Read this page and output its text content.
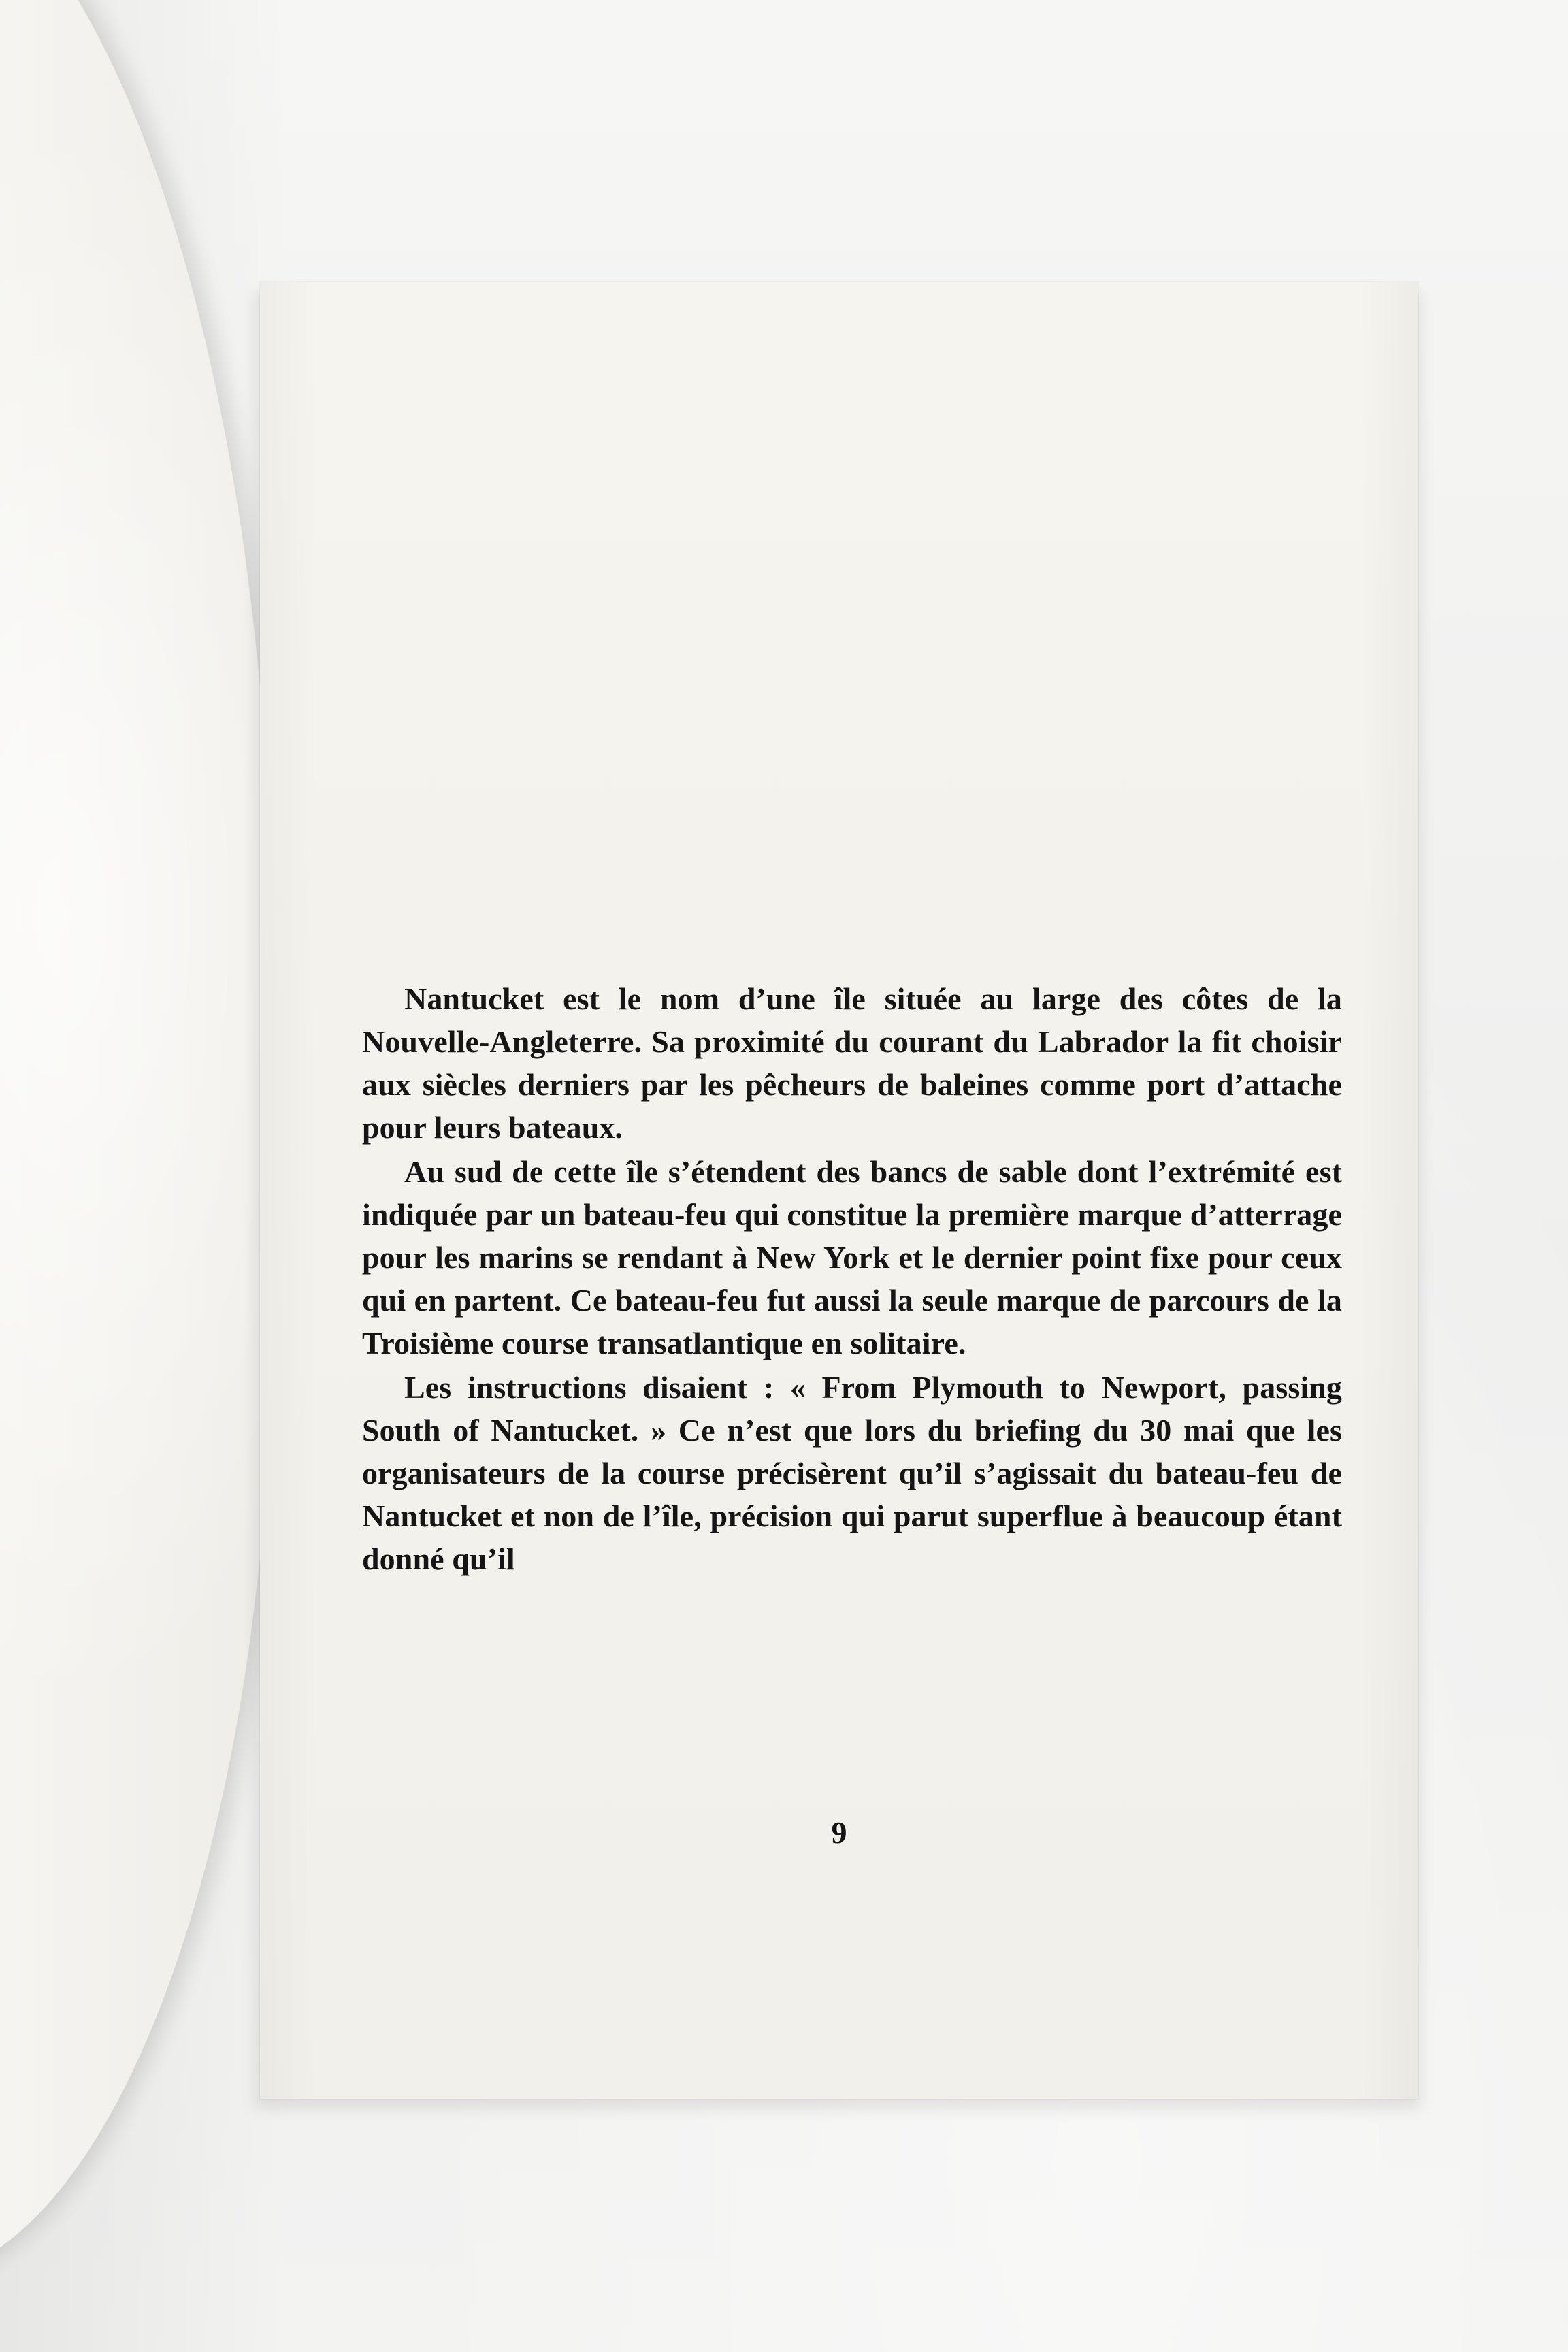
Nantucket est le nom d’une île située au large des côtes de la Nouvelle-Angleterre. Sa proximité du courant du Labrador la fit choisir aux siècles derniers par les pêcheurs de baleines comme port d’attache pour leurs bateaux.

Au sud de cette île s’étendent des bancs de sable dont l’extrémité est indiquée par un bateau-feu qui constitue la première marque d’atterrage pour les marins se rendant à New York et le dernier point fixe pour ceux qui en partent. Ce bateau-feu fut aussi la seule marque de parcours de la Troisième course transatlantique en solitaire.

Les instructions disaient : « From Plymouth to Newport, passing South of Nantucket. » Ce n’est que lors du briefing du 30 mai que les organisateurs de la course précisèrent qu’il s’agissait du bateau-feu de Nantucket et non de l’île, précision qui parut superflue à beaucoup étant donné qu’il

9
